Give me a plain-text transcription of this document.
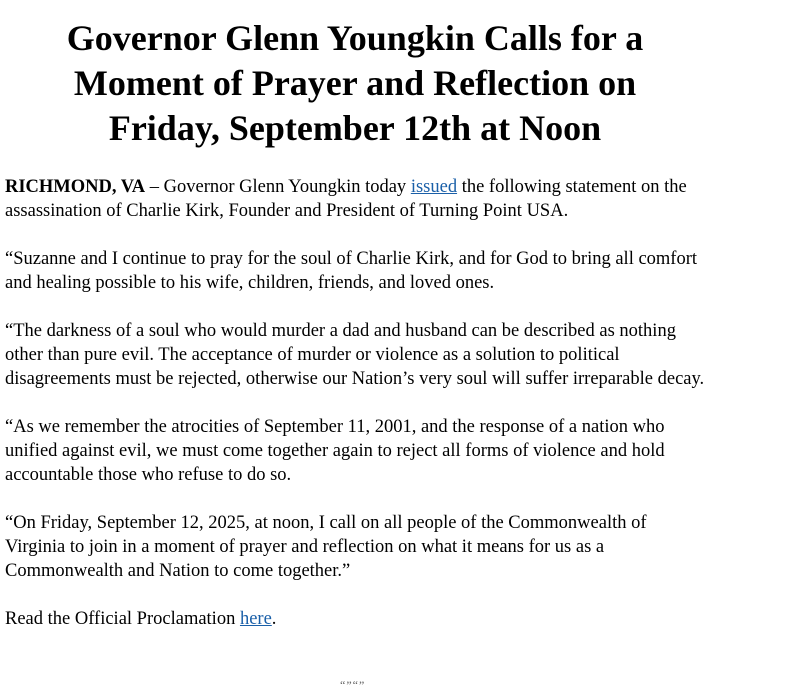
Governor Glenn Youngkin Calls for a Moment of Prayer and Reflection on Friday, September 12th at Noon

RICHMOND, VA – Governor Glenn Youngkin today issued the following statement on the assassination of Charlie Kirk, Founder and President of Turning Point USA.

“Suzanne and I continue to pray for the soul of Charlie Kirk, and for God to bring all comfort and healing possible to his wife, children, friends, and loved ones.

“The darkness of a soul who would murder a dad and husband can be described as nothing other than pure evil. The acceptance of murder or violence as a solution to political disagreements must be rejected, otherwise our Nation’s very soul will suffer irreparable decay.

“As we remember the atrocities of September 11, 2001, and the response of a nation who unified against evil, we must come together again to reject all forms of violence and hold accountable those who refuse to do so.

“On Friday, September 12, 2025, at noon, I call on all people of the Commonwealth of Virginia to join in a moment of prayer and reflection on what it means for us as a Commonwealth and Nation to come together.”

Read the Official Proclamation here.

“”“”
